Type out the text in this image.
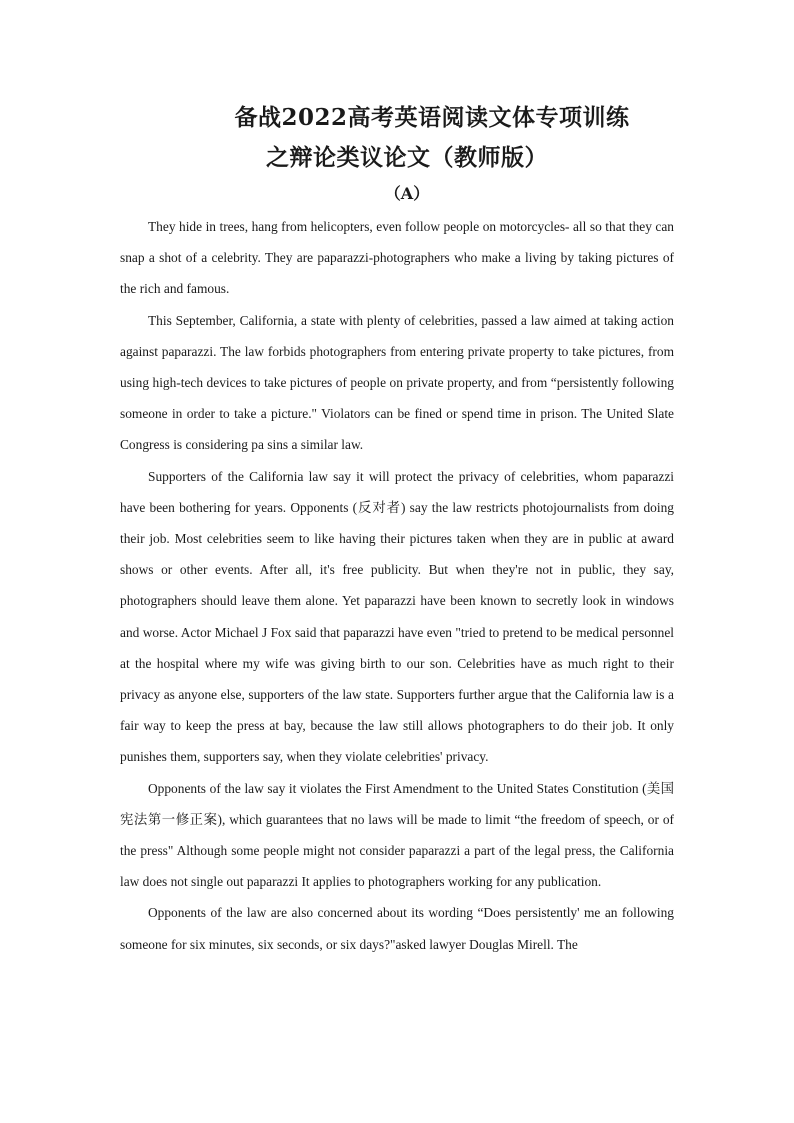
备战2022高考英语阅读文体专项训练
之辩论类议论文（教师版）
（A）

They hide in trees, hang from helicopters, even follow people on motorcycles- all so that they can snap a shot of a celebrity. They are paparazzi-photographers who make a living by taking pictures of the rich and famous.

This September, California, a state with plenty of celebrities, passed a law aimed at taking action against paparazzi. The law forbids photographers from entering private property to take pictures, from using high-tech devices to take pictures of people on private property, and from “persistently following someone in order to take a picture." Violators can be fined or spend time in prison. The United Slate Congress is considering pa sins a similar law.

Supporters of the California law say it will protect the privacy of celebrities, whom paparazzi have been bothering for years. Opponents (反对者) say the law restricts photojournalists from doing their job. Most celebrities seem to like having their pictures taken when they are in public at award shows or other events. After all, it's free publicity. But when they're not in public, they say, photographers should leave them alone. Yet paparazzi have been known to secretly look in windows and worse. Actor Michael J Fox said that paparazzi have even "tried to pretend to be medical personnel at the hospital where my wife was giving birth to our son. Celebrities have as much right to their privacy as anyone else, supporters of the law state. Supporters further argue that the California law is a fair way to keep the press at bay, because the law still allows photographers to do their job. It only punishes them, supporters say, when they violate celebrities' privacy.

Opponents of the law say it violates the First Amendment to the United States Constitution (美国宪法第一修正案), which guarantees that no laws will be made to limit “the freedom of speech, or of the press" Although some people might not consider paparazzi a part of the legal press, the California law does not single out paparazzi It applies to photographers working for any publication.

Opponents of the law are also concerned about its wording “Does persistently' me an following someone for six minutes, six seconds, or six days?"asked lawyer Douglas Mirell. The
